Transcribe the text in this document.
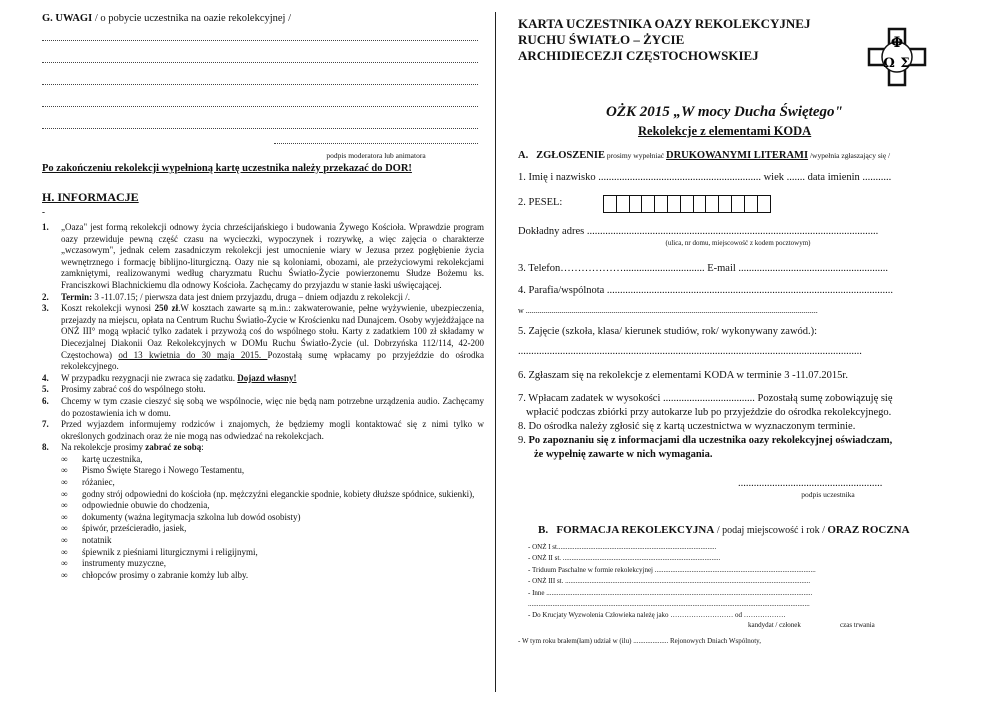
G. UWAGI / o pobycie uczestnika na oazie rekolekcyjnej /
podpis moderatora lub animatora
Po zakończeniu rekolekcji wypełnioną kartę uczestnika należy przekazać do DOR!
H. INFORMACJE
-
1. „Oaza" jest formą rekolekcji odnowy życia chrześcijańskiego i budowania Żywego Kościoła. Wprawdzie program oazy przewiduje pewną część czasu na wycieczki, wypoczynek i rozrywkę, a więc zajęcia o charakterze „wczasowym", jednak celem zasadniczym rekolekcji jest umocnienie wiary w Jezusa przez pogłębienie życia wewnętrznego i formację biblijno-liturgiczną. Oazy nie są koloniami, obozami, ale przeżyciowymi rekolekcjami zamkniętymi, realizowanymi według charyzmatu Ruchu Światło-Życie powierzonemu Słudze Bożemu ks. Franciszkowi Blachnickiemu dla odnowy Kościoła. Zachęcamy do przyjazdu w stanie łaski uświęcającej.
2. Termin: 3 -11.07.15; / pierwsza data jest dniem przyjazdu, druga – dniem odjazdu z rekolekcji /.
3. Koszt rekolekcji wynosi 250 zł.W kosztach zawarte są m.in.: zakwaterowanie, pełne wyżywienie, ubezpieczenia, przejazdy na miejscu, opłata na Centrum Ruchu Światło-Życie w Krościenku nad Dunajcem. Osoby wyjeżdżające na ONŻ III° mogą wpłacić tylko zadatek i przywożą coś do wspólnego stołu. Karty z zadatkiem 100 zł składamy w Diecezjalnej Diakonii Oaz Rekolekcyjnych w DOMu Ruchu Światło-Życie (ul. Dobrzyńska 112/114, 42-200 Częstochowa) od 13 kwietnia do 30 maja 2015. Pozostałą sumę wpłacamy po przyjeździe do ośrodka rekolekcyjnego.
4. W przypadku rezygnacji nie zwraca się zadatku. Dojazd własny!
5. Prosimy zabrać coś do wspólnego stołu.
6. Chcemy w tym czasie cieszyć się sobą we wspólnocie, więc nie będą nam potrzebne urządzenia audio. Zachęcamy do pozostawienia ich w domu.
7. Przed wyjazdem informujemy rodziców i znajomych, że będziemy mogli kontaktować się z nimi tylko w określonych godzinach oraz że nie mogą nas odwiedzać na rekolekcjach.
8. Na rekolekcje prosimy zabrać ze sobą:
∞ kartę uczestnika,
∞ Pismo Święte Starego i Nowego Testamentu,
∞ różaniec,
∞ godny strój odpowiedni do kościoła (np. mężczyźni eleganckie spodnie, kobiety dłuższe spódnice, sukienki),
∞ odpowiednie obuwie do chodzenia,
∞ dokumenty (ważna legitymacja szkolna lub dowód osobisty)
∞ śpiwór, prześcieradło, jasiek,
∞ notatnik
∞ śpiewnik z pieśniami liturgicznymi i religijnymi,
∞ instrumenty muzyczne,
∞ chłopców prosimy o zabranie komży lub alby.
KARTA UCZESTNIKA OAZY REKOLEKCYJNEJ
RUCHU ŚWIATŁO – ŻYCIE
ARCHIDIECEZJI CZĘSTOCHOWSKIEJ
Φ
Ω Σ
OŻK 2015 „W mocy Ducha Świętego"
Rekolekcje z elementami KODA
A. ZGŁOSZENIE prosimy wypełniać DRUKOWANYMI LITERAMI /wypełnia zgłaszający się /
1. Imię i nazwisko .............................................................. wiek ....... data imienin ...........
2. PESEL:
Dokładny adres ...............................................................................................................
(ulica, nr domu, miejscowość z kodem pocztowym)
3. Telefon………………............................... E-mail .........................................................
4. Parafia/wspólnota .............................................................................................................
w ..................................................................................................................................................
5. Zajęcie (szkoła, klasa/ kierunek studiów, rok/ wykonywany zawód.):
...................................................................................................................................
6. Zgłaszam się na rekolekcje z elementami KODA w terminie 3 -11.07.2015r.
7. Wpłacam zadatek w wysokości ................................... Pozostałą sumę zobowiązuję się
wpłacić podczas zbiórki przy autokarze lub po przyjeździe do ośrodka rekolekcyjnego.
8. Do ośrodka należy zgłosić się z kartą uczestnictwa w wyznaczonym terminie.
9. Po zapoznaniu się z informacjami dla uczestnika oazy rekolekcyjnej oświadczam,
że wypełnię zawarte w nich wymagania.
.......................................................
podpis uczestnika
B. FORMACJA REKOLEKCYJNA / podaj miejscowość i rok / ORAZ ROCZNA
- ONŻ I st...........................................................................................
- ONŻ II st. ..........................................................................................
- Triduum Paschalne w formie rekolekcyjnej ............................................................................................
- ONŻ III st. ............................................................................................................................................
- Inne ........................................................................................................................................................
.................................................................................................................................................................
- Do Krucjaty Wyzwolenia Człowieka należę jako ……………………… od ………………
kandydat / członek	czas trwania
- W tym roku brałem(łam) udział w (ilu) .................... Rejonowych Dniach Wspólnoty,
